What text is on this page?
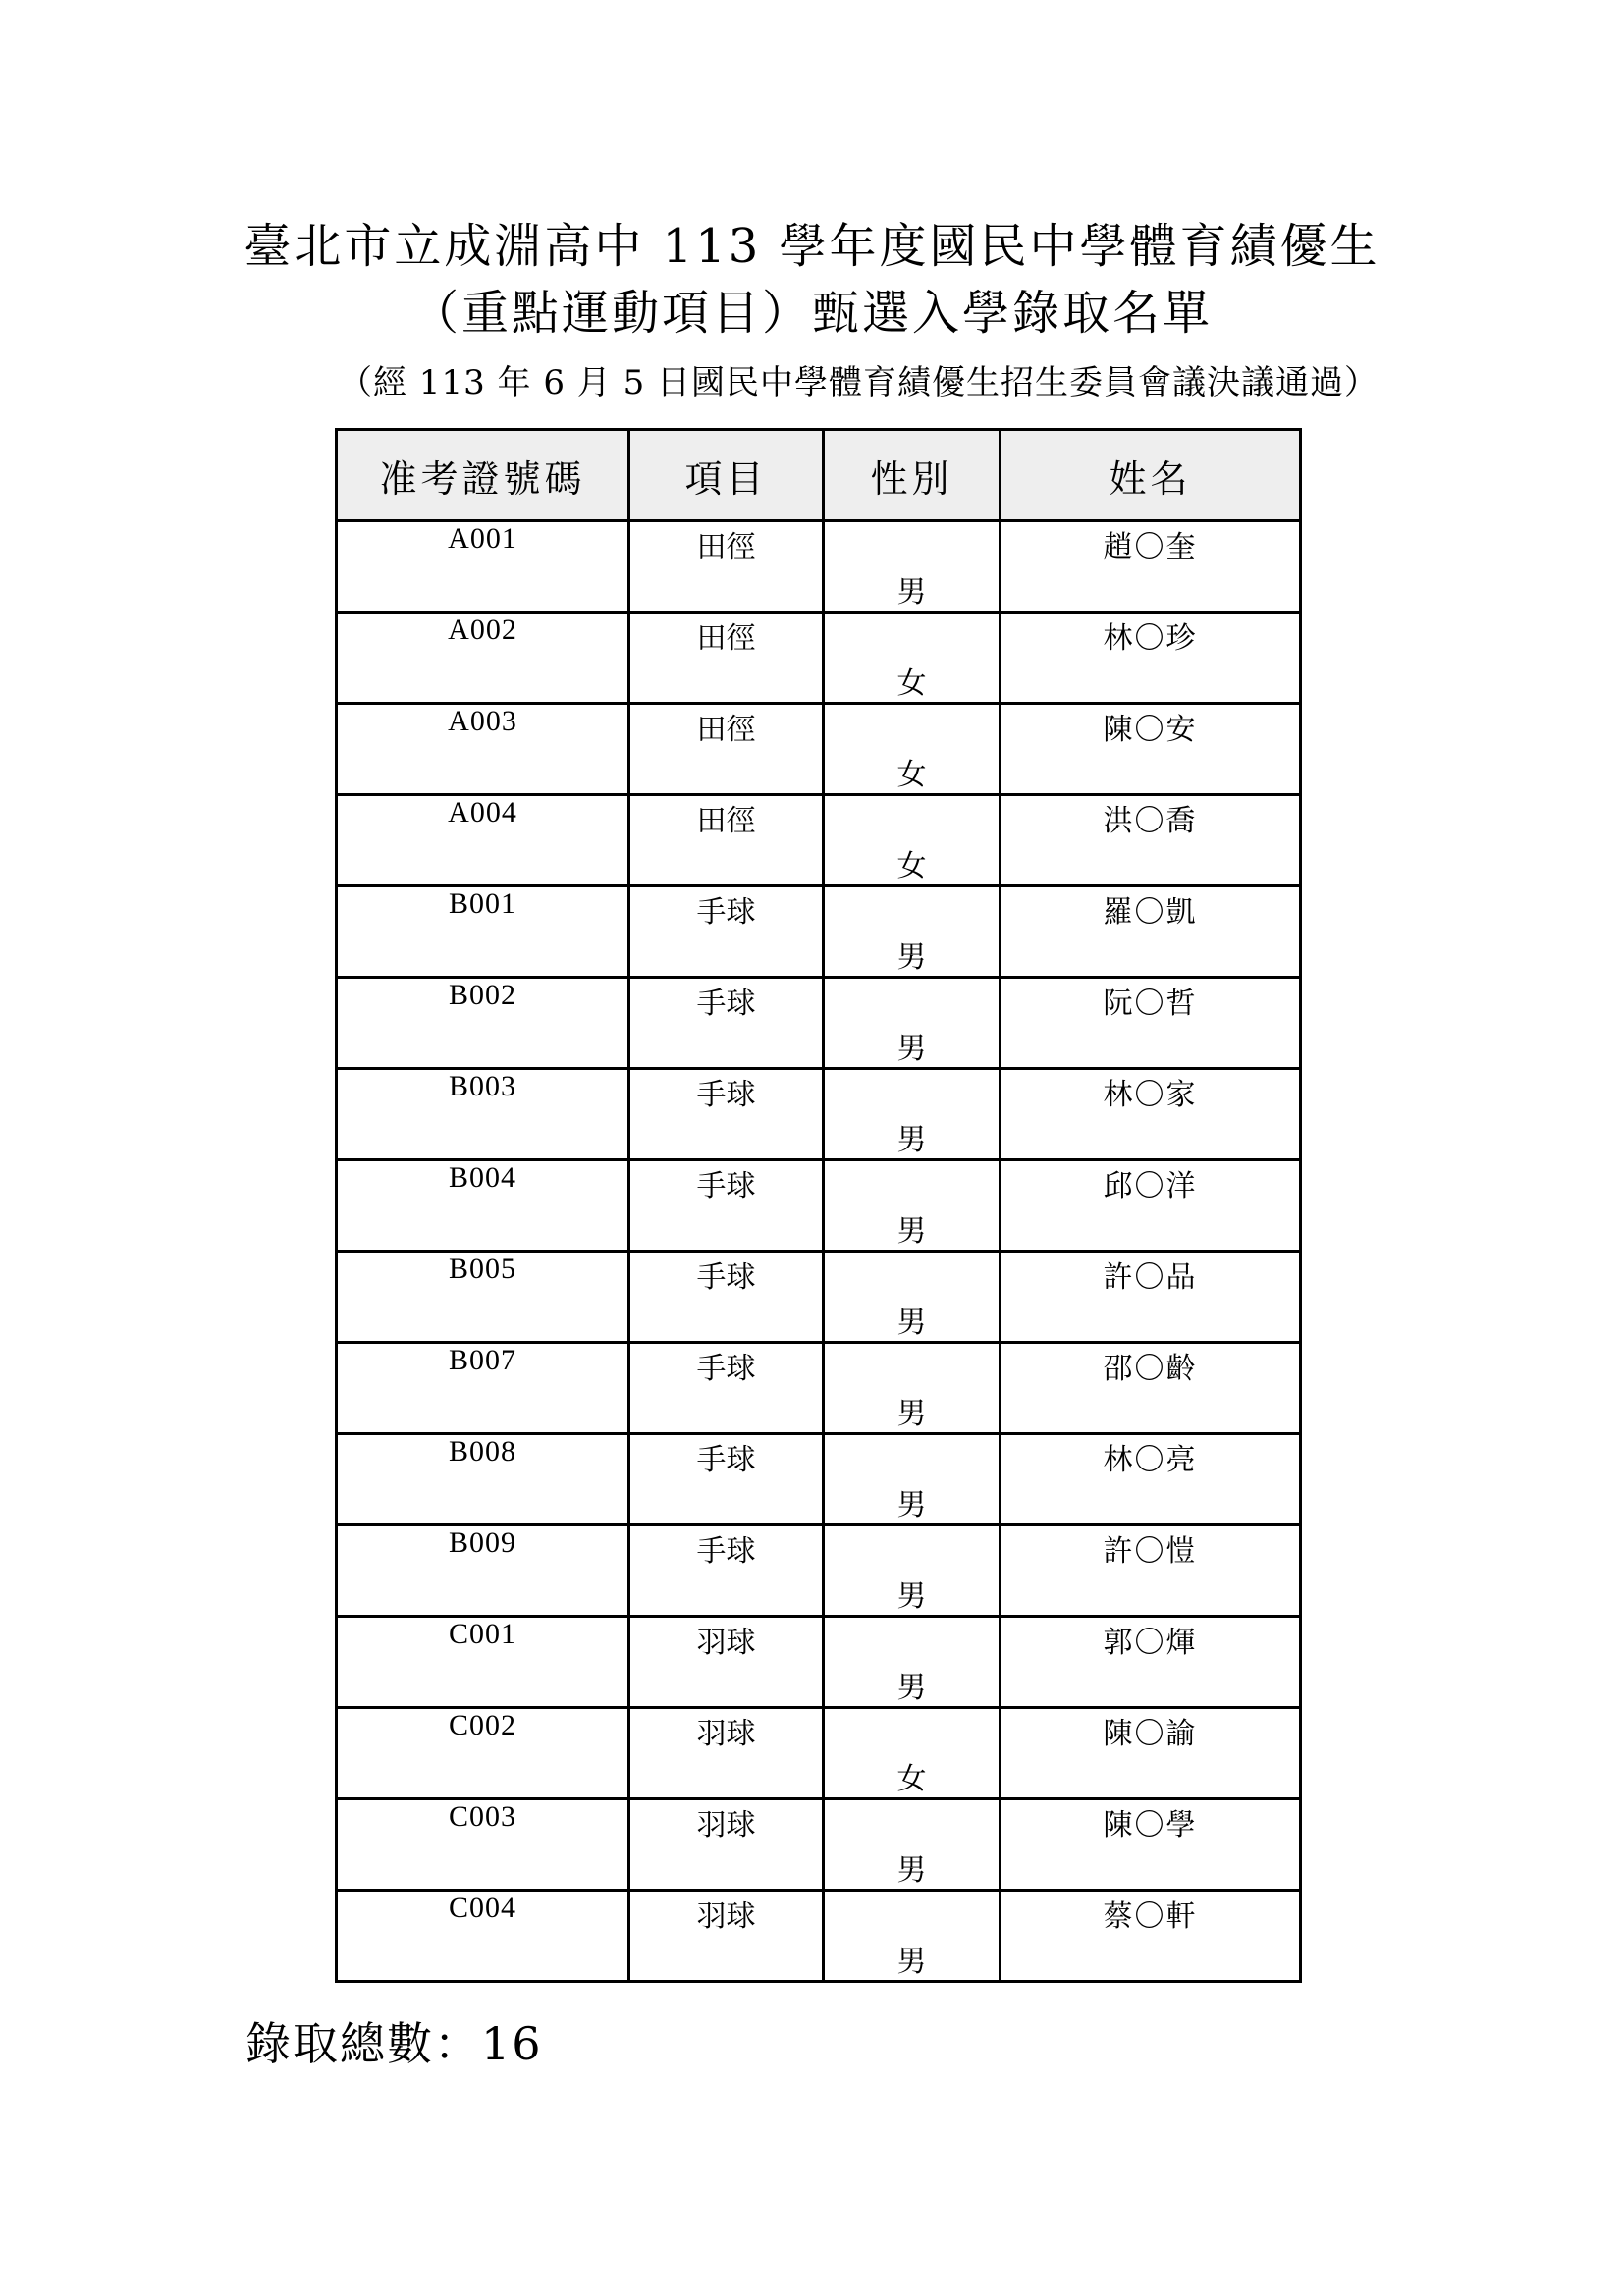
臺北市立成淵高中 113 學年度國民中學體育績優生
（重點運動項目）甄選入學錄取名單
（經 113 年 6 月 5 日國民中學體育績優生招生委員會議決議通過）
准考證號碼	項目	性別	姓名
A001	田徑	男	趙〇奎
A002	田徑	女	林〇珍
A003	田徑	女	陳〇安
A004	田徑	女	洪〇喬
B001	手球	男	羅〇凱
B002	手球	男	阮〇哲
B003	手球	男	林〇家
B004	手球	男	邱〇洋
B005	手球	男	許〇品
B007	手球	男	邵〇齡
B008	手球	男	林〇亮
B009	手球	男	許〇愷
C001	羽球	男	郭〇煇
C002	羽球	女	陳〇諭
C003	羽球	男	陳〇學
C004	羽球	男	蔡〇軒
錄取總數：16
